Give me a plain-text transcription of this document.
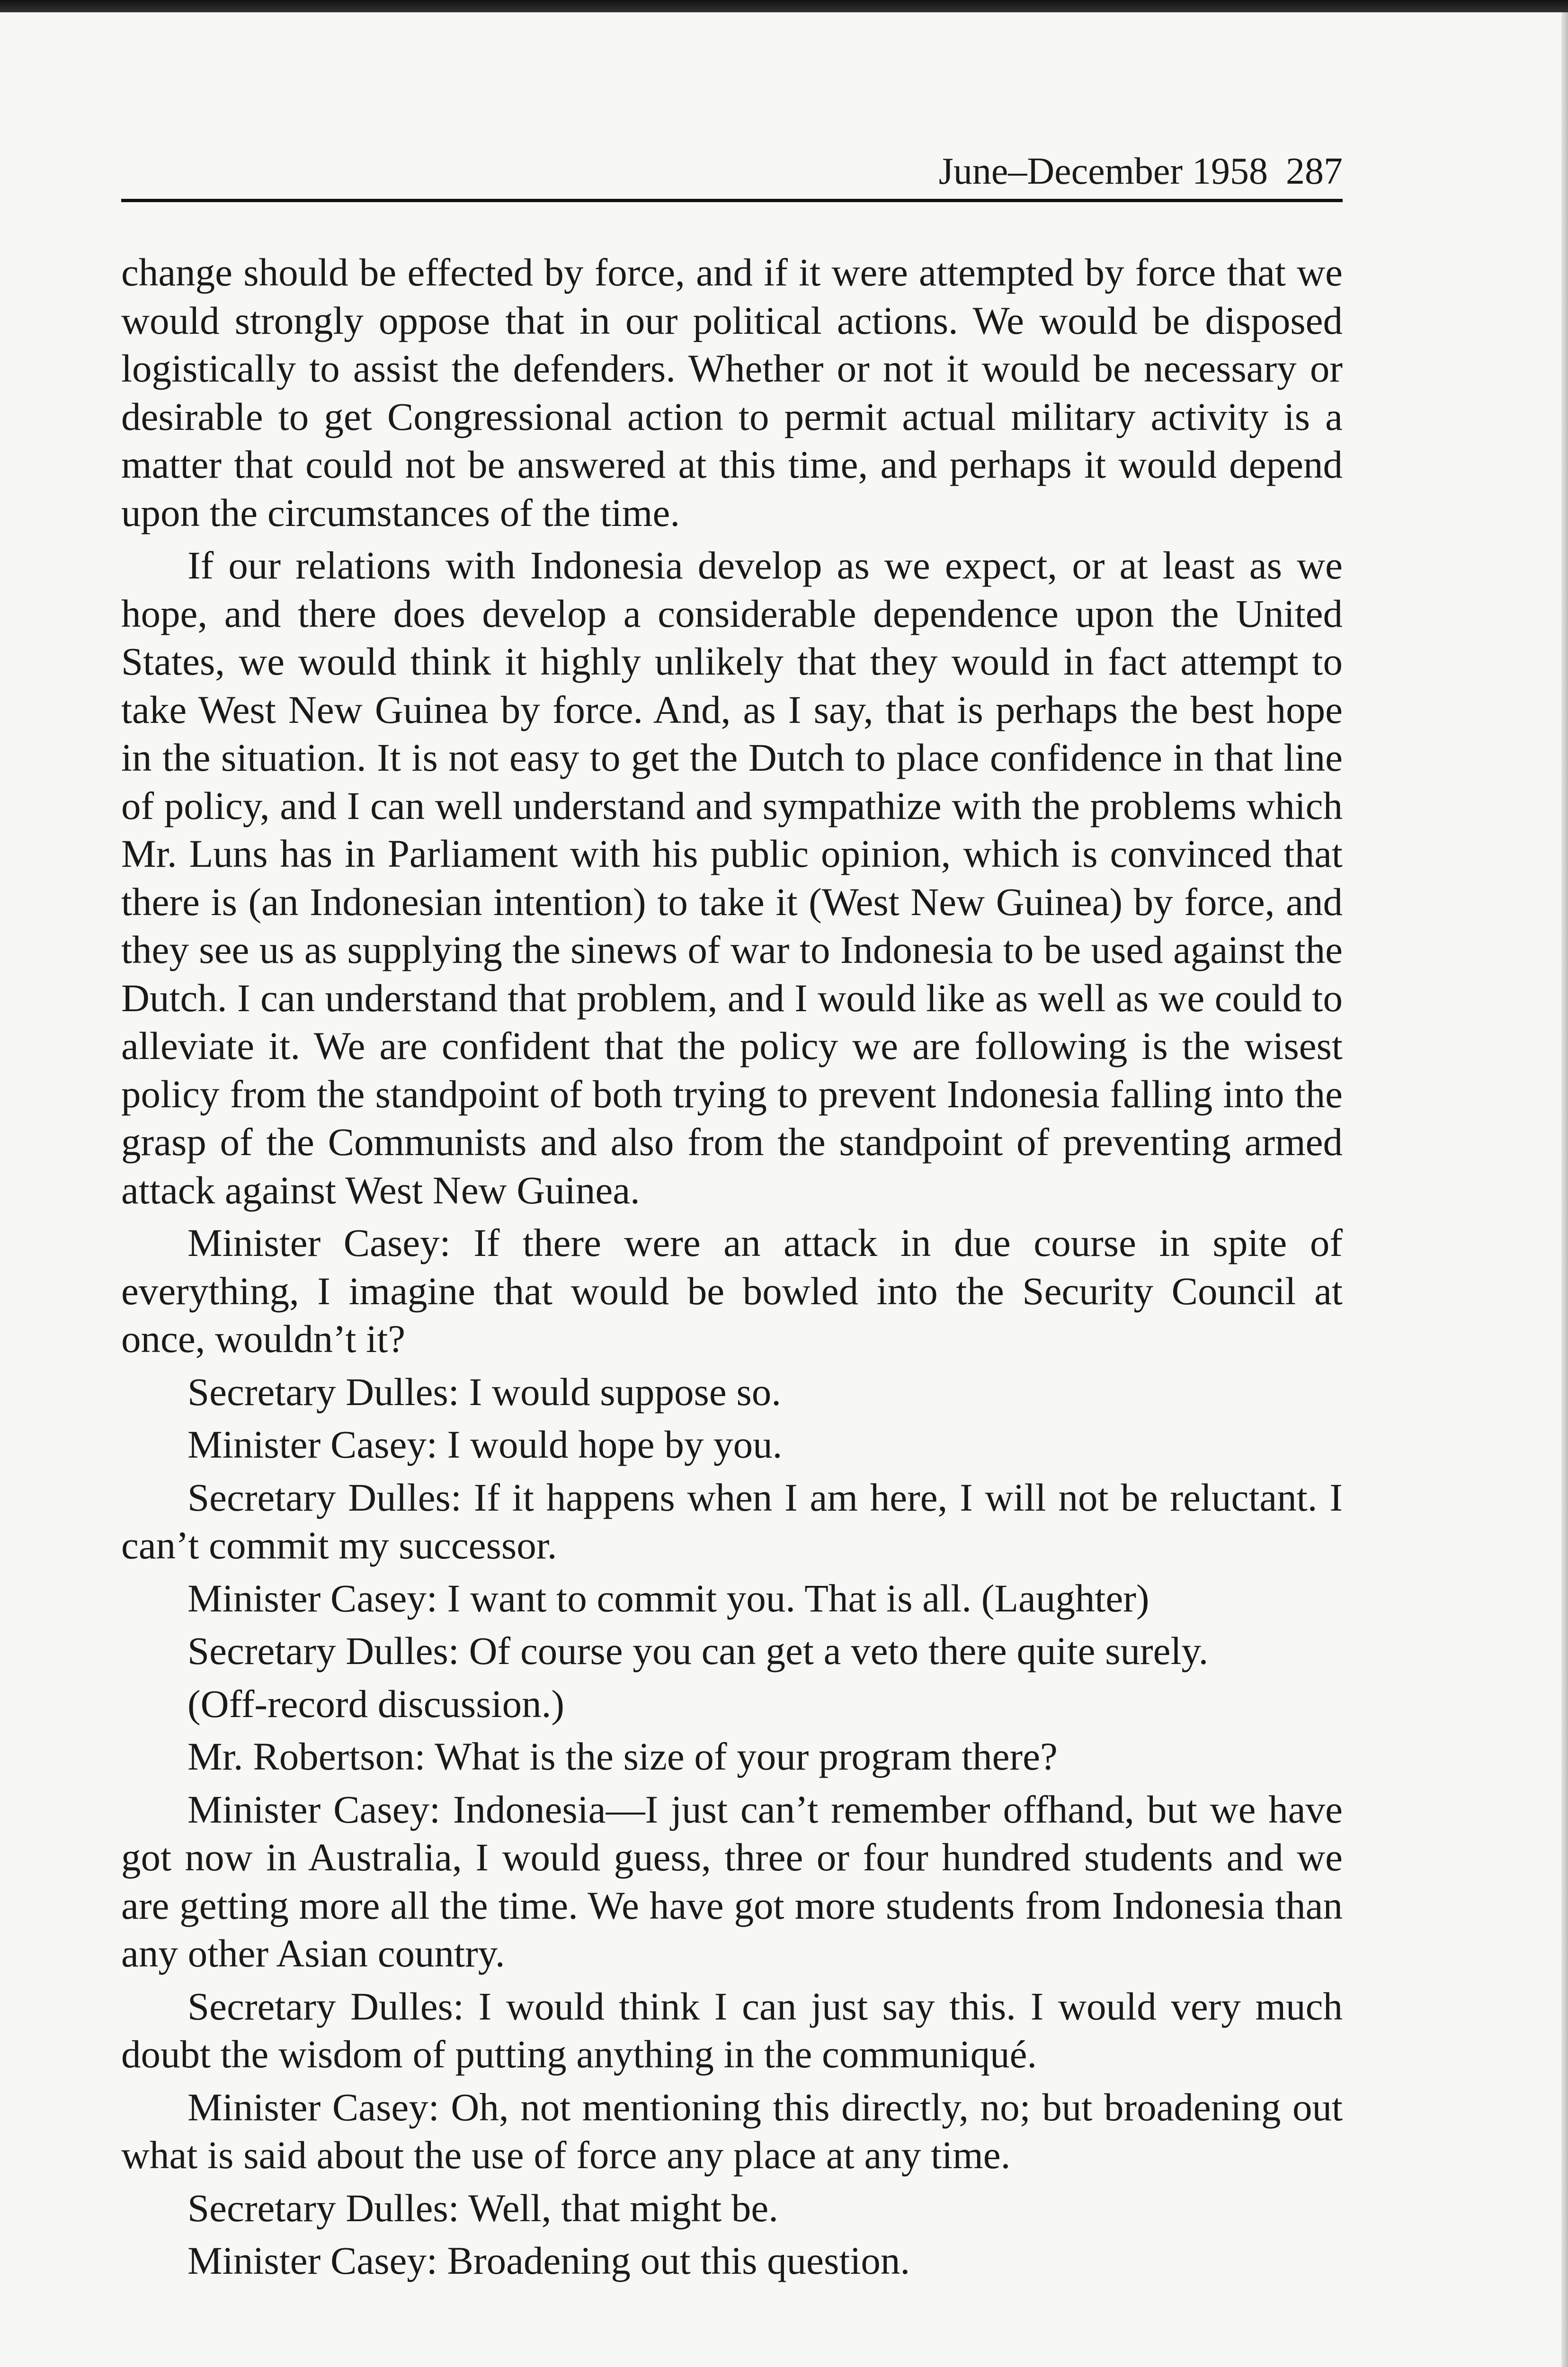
June–December 1958 287

change should be effected by force, and if it were attempted by force that we would strongly oppose that in our political actions. We would be disposed logistically to assist the defenders. Whether or not it would be necessary or desirable to get Congressional action to permit actual military activity is a matter that could not be answered at this time, and perhaps it would depend upon the circumstances of the time.

If our relations with Indonesia develop as we expect, or at least as we hope, and there does develop a considerable dependence upon the United States, we would think it highly unlikely that they would in fact attempt to take West New Guinea by force. And, as I say, that is perhaps the best hope in the situation. It is not easy to get the Dutch to place confidence in that line of policy, and I can well understand and sympathize with the problems which Mr. Luns has in Parliament with his public opinion, which is convinced that there is (an Indonesian intention) to take it (West New Guinea) by force, and they see us as supplying the sinews of war to Indonesia to be used against the Dutch. I can understand that problem, and I would like as well as we could to alleviate it. We are confident that the policy we are following is the wisest policy from the standpoint of both trying to prevent Indonesia falling into the grasp of the Communists and also from the standpoint of preventing armed attack against West New Guinea.

Minister Casey: If there were an attack in due course in spite of everything, I imagine that would be bowled into the Security Council at once, wouldn’t it?

Secretary Dulles: I would suppose so.

Minister Casey: I would hope by you.

Secretary Dulles: If it happens when I am here, I will not be reluctant. I can’t commit my successor.

Minister Casey: I want to commit you. That is all. (Laughter)

Secretary Dulles: Of course you can get a veto there quite surely.

(Off-record discussion.)

Mr. Robertson: What is the size of your program there?

Minister Casey: Indonesia—I just can’t remember offhand, but we have got now in Australia, I would guess, three or four hundred students and we are getting more all the time. We have got more students from Indonesia than any other Asian country.

Secretary Dulles: I would think I can just say this. I would very much doubt the wisdom of putting anything in the communiqué.

Minister Casey: Oh, not mentioning this directly, no; but broadening out what is said about the use of force any place at any time.

Secretary Dulles: Well, that might be.

Minister Casey: Broadening out this question.
